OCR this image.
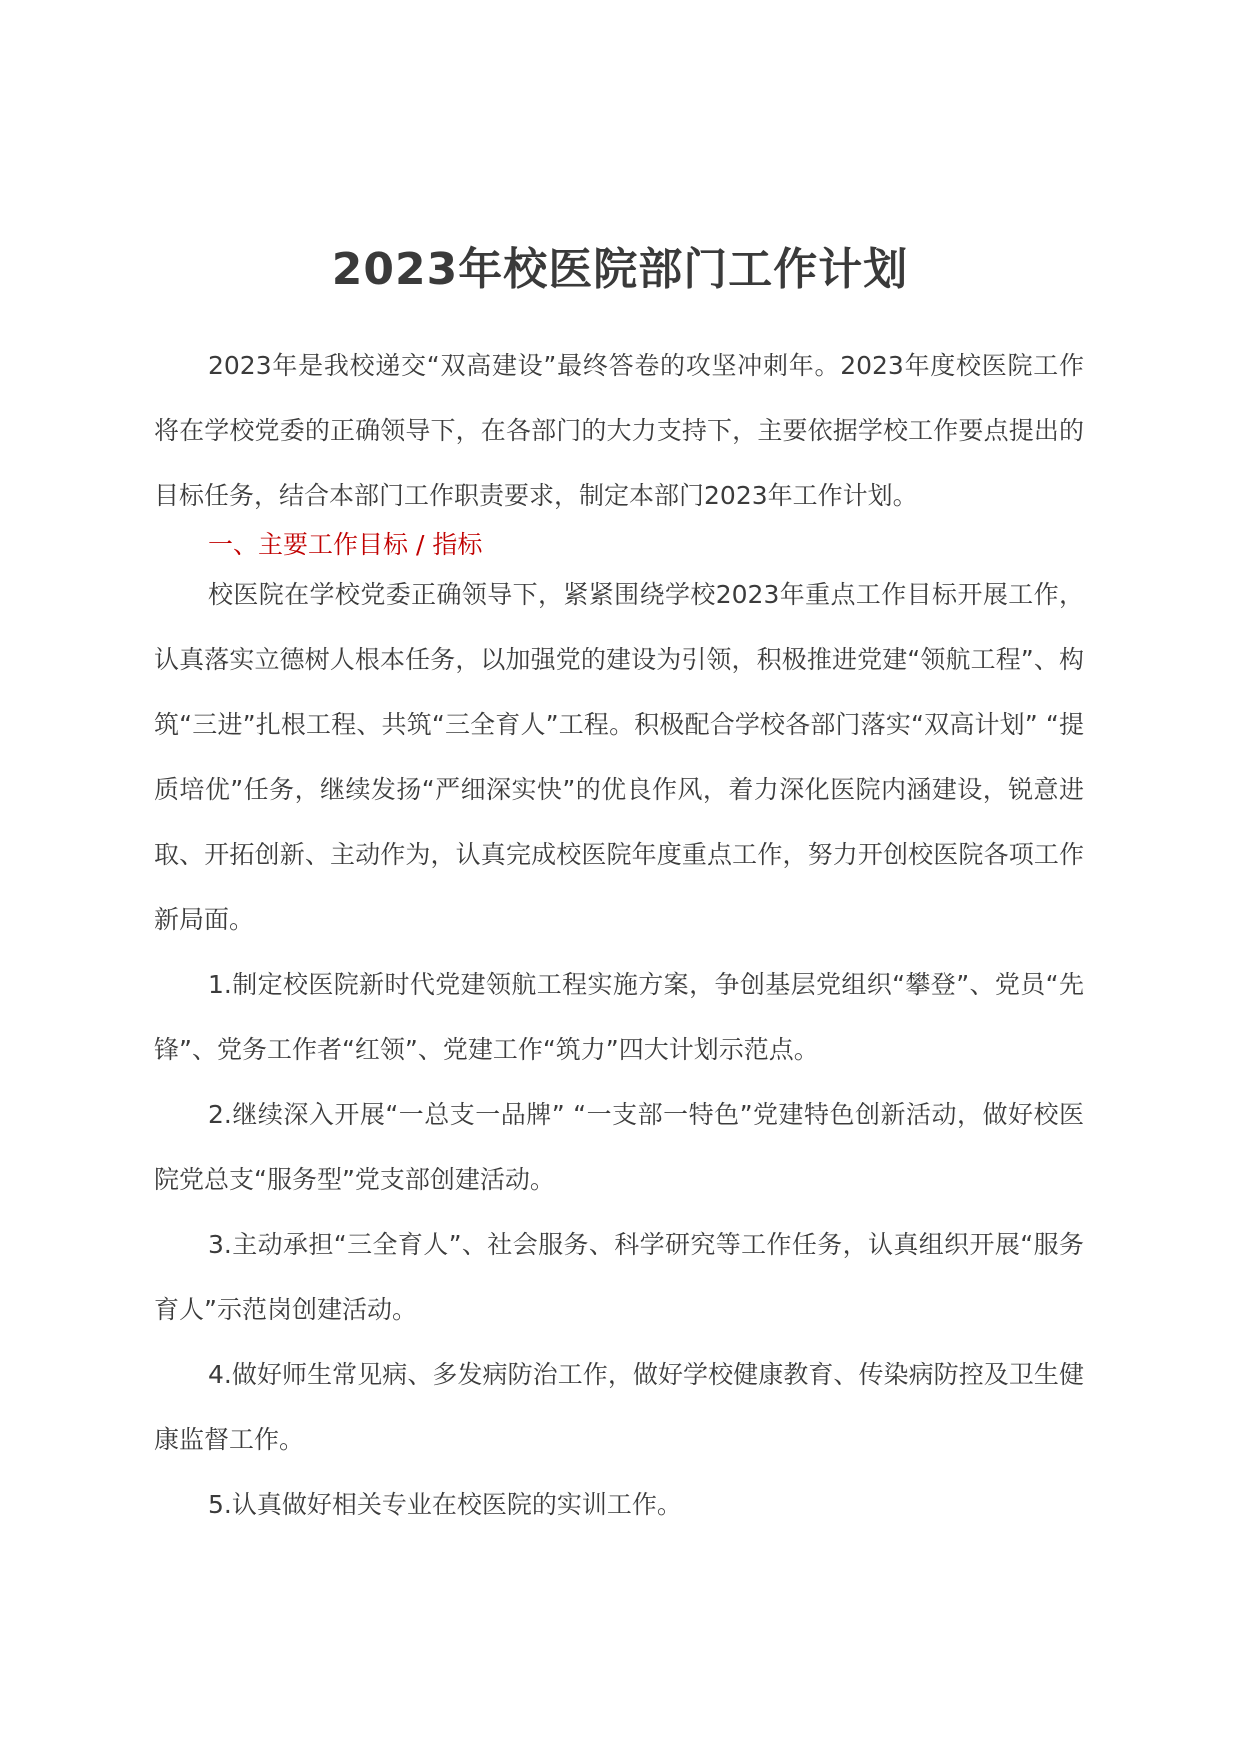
2023年校医院部门工作计划

2023年是我校递交“双高建设”最终答卷的攻坚冲刺年。2023年度校医院工作将在学校党委的正确领导下，在各部门的大力支持下，主要依据学校工作要点提出的目标任务，结合本部门工作职责要求，制定本部门2023年工作计划。

一、主要工作目标 / 指标

校医院在学校党委正确领导下，紧紧围绕学校2023年重点工作目标开展工作，认真落实立德树人根本任务，以加强党的建设为引领，积极推进党建“领航工程”、构筑“三进”扎根工程、共筑“三全育人”工程。积极配合学校各部门落实“双高计划” “提质培优”任务，继续发扬“严细深实快”的优良作风，着力深化医院内涵建设，锐意进取、开拓创新、主动作为，认真完成校医院年度重点工作，努力开创校医院各项工作新局面。

1.制定校医院新时代党建领航工程实施方案，争创基层党组织“攀登”、党员“先锋”、党务工作者“红领”、党建工作“筑力”四大计划示范点。

2.继续深入开展“一总支一品牌” “一支部一特色”党建特色创新活动，做好校医院党总支“服务型”党支部创建活动。

3.主动承担“三全育人”、社会服务、科学研究等工作任务，认真组织开展“服务育人”示范岗创建活动。

4.做好师生常见病、多发病防治工作，做好学校健康教育、传染病防控及卫生健康监督工作。

5.认真做好相关专业在校医院的实训工作。
